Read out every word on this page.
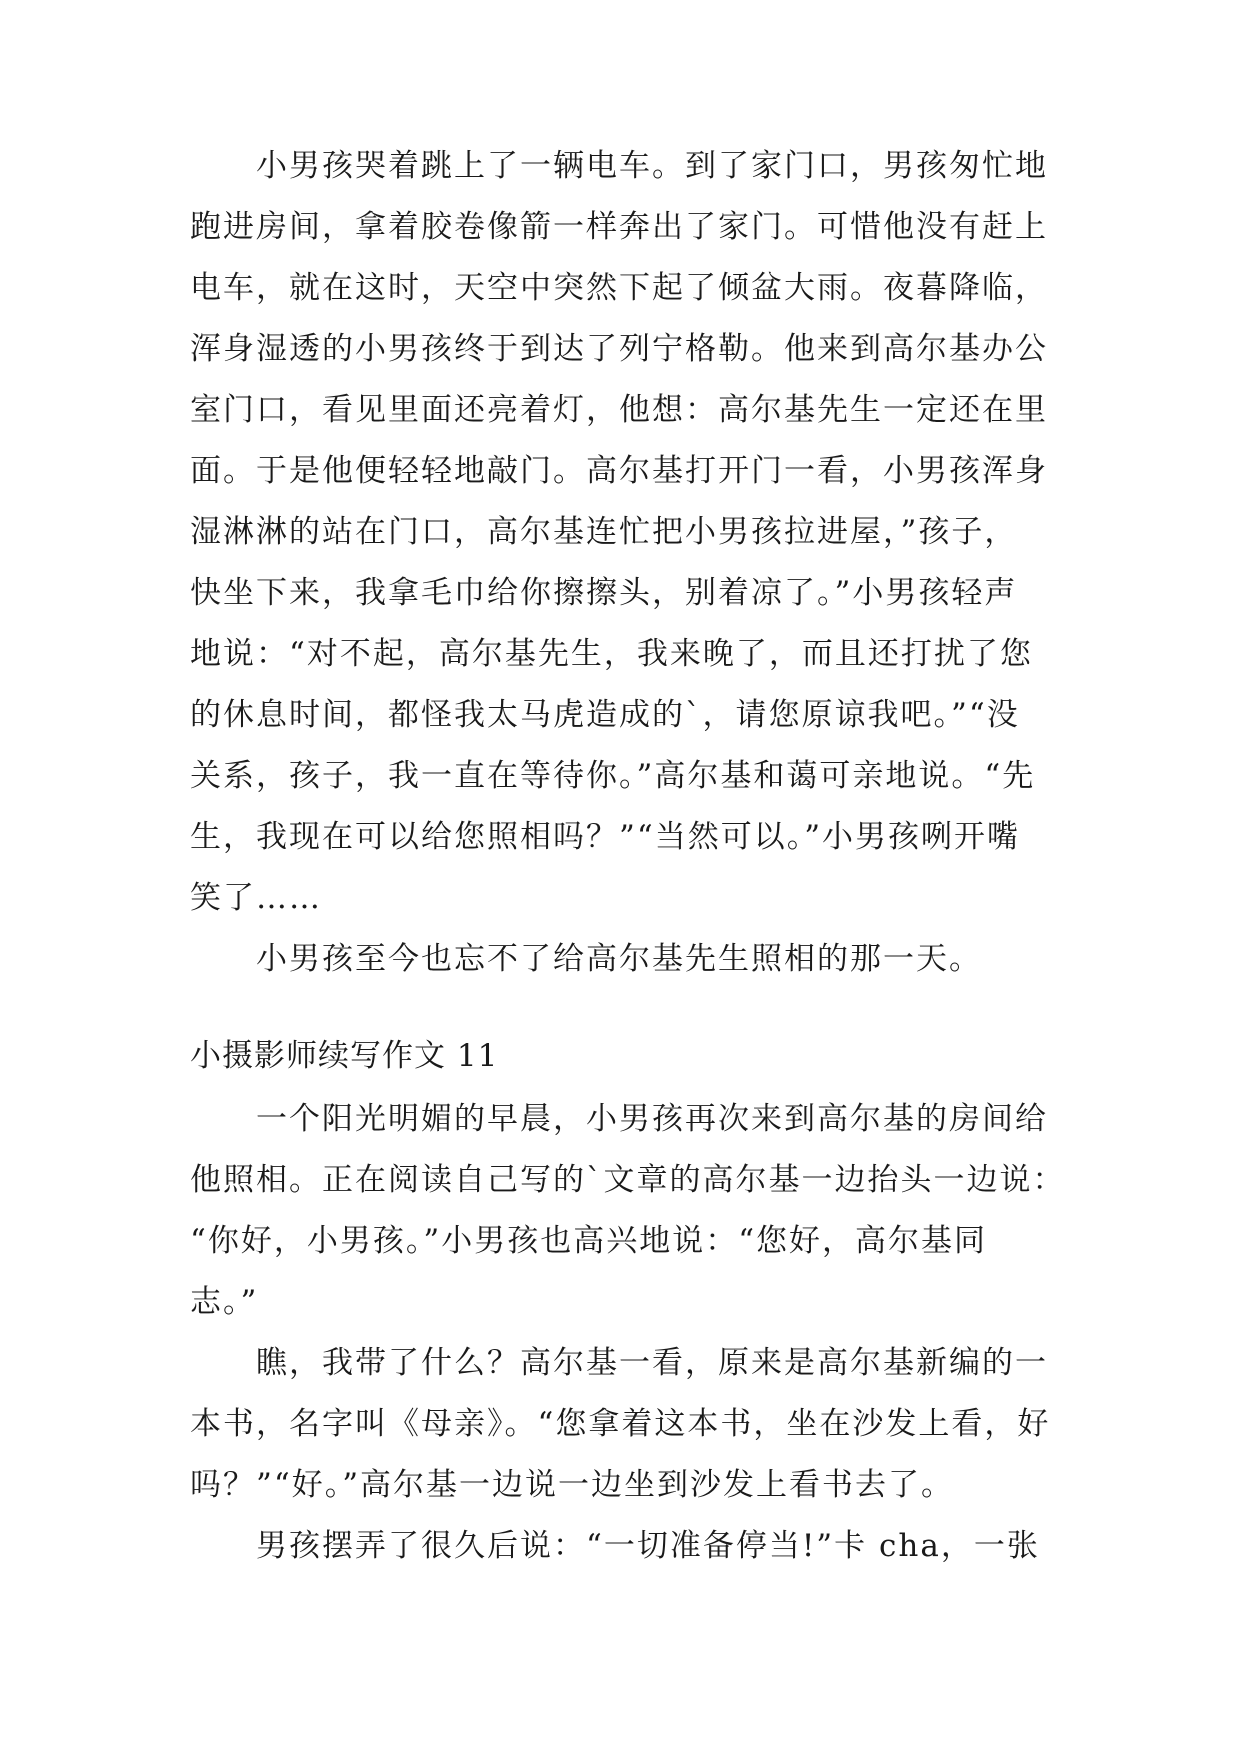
小男孩哭着跳上了一辆电车。到了家门口，男孩匆忙地
跑进房间，拿着胶卷像箭一样奔出了家门。可惜他没有赶上
电车，就在这时，天空中突然下起了倾盆大雨。夜暮降临，
浑身湿透的小男孩终于到达了列宁格勒。他来到高尔基办公
室门口，看见里面还亮着灯，他想：高尔基先生一定还在里
面。于是他便轻轻地敲门。高尔基打开门一看，小男孩浑身
湿淋淋的站在门口，高尔基连忙把小男孩拉进屋，”孩子，
快坐下来，我拿毛巾给你擦擦头，别着凉了。”小男孩轻声
地说：“对不起，高尔基先生，我来晚了，而且还打扰了您
的休息时间，都怪我太马虎造成的`，请您原谅我吧。”“没
关系，孩子，我一直在等待你。”高尔基和蔼可亲地说。“先
生，我现在可以给您照相吗？”“当然可以。”小男孩咧开嘴
笑了……
小男孩至今也忘不了给高尔基先生照相的那一天。
小摄影师续写作文 11
一个阳光明媚的早晨，小男孩再次来到高尔基的房间给
他照相。正在阅读自己写的`文章的高尔基一边抬头一边说：
“你好，小男孩。”小男孩也高兴地说：“您好，高尔基同
志。”
瞧，我带了什么？高尔基一看，原来是高尔基新编的一
本书，名字叫《母亲》。“您拿着这本书，坐在沙发上看，好
吗？”“好。”高尔基一边说一边坐到沙发上看书去了。
男孩摆弄了很久后说：“一切准备停当!”卡 cha，一张
